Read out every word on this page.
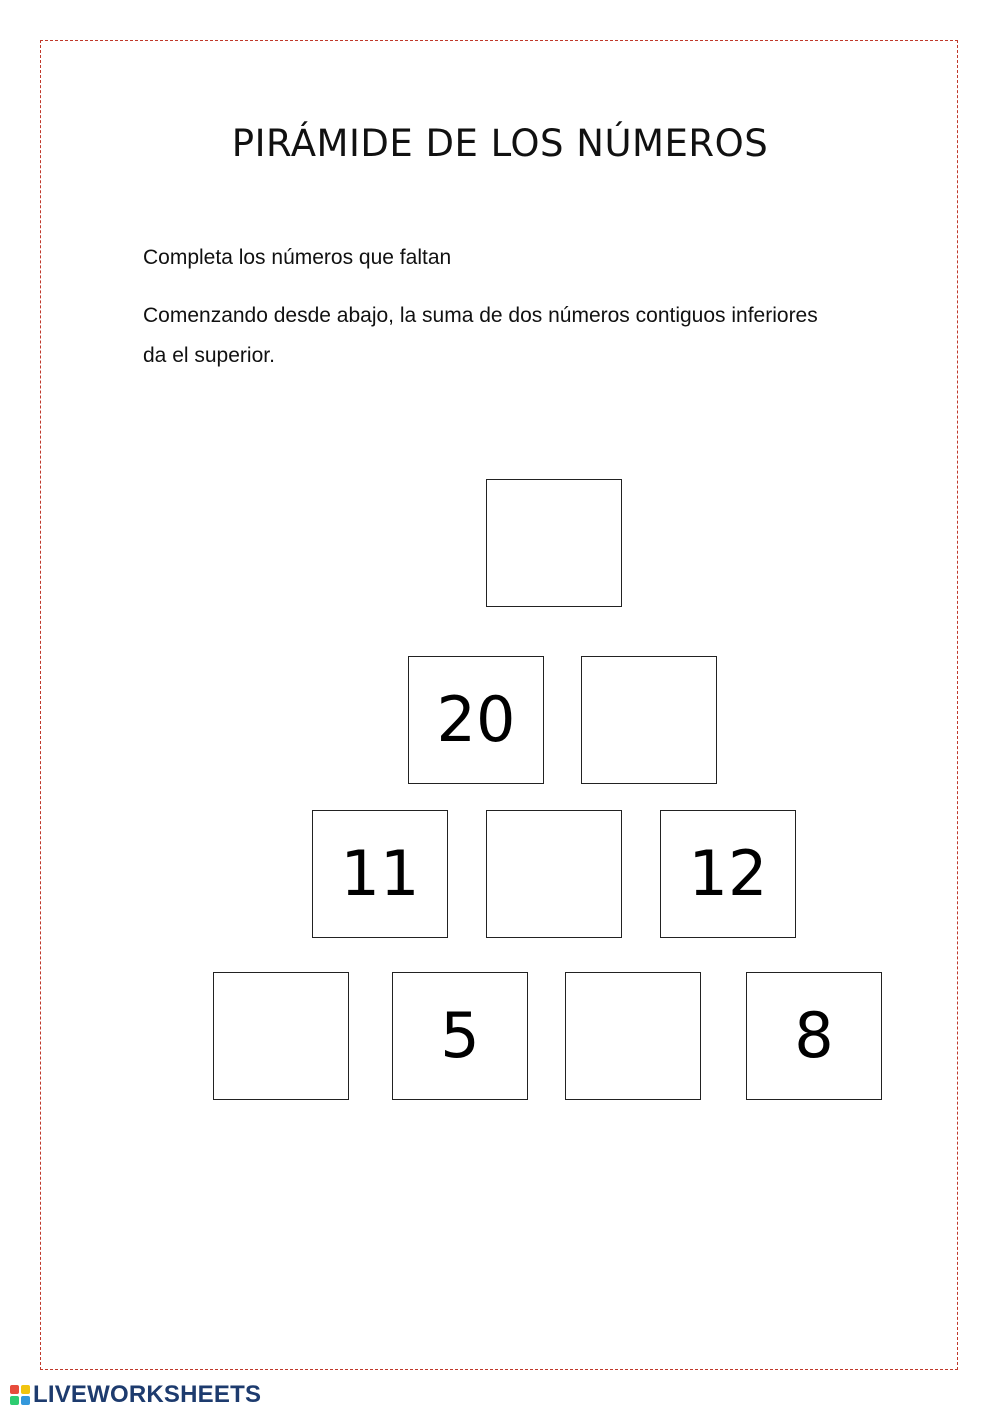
PIRÁMIDE DE LOS NÚMEROS
Completa los números que faltan
Comenzando desde abajo, la suma de dos números contiguos inferiores da el superior.
20
11	12
5	8
LIVEWORKSHEETS
